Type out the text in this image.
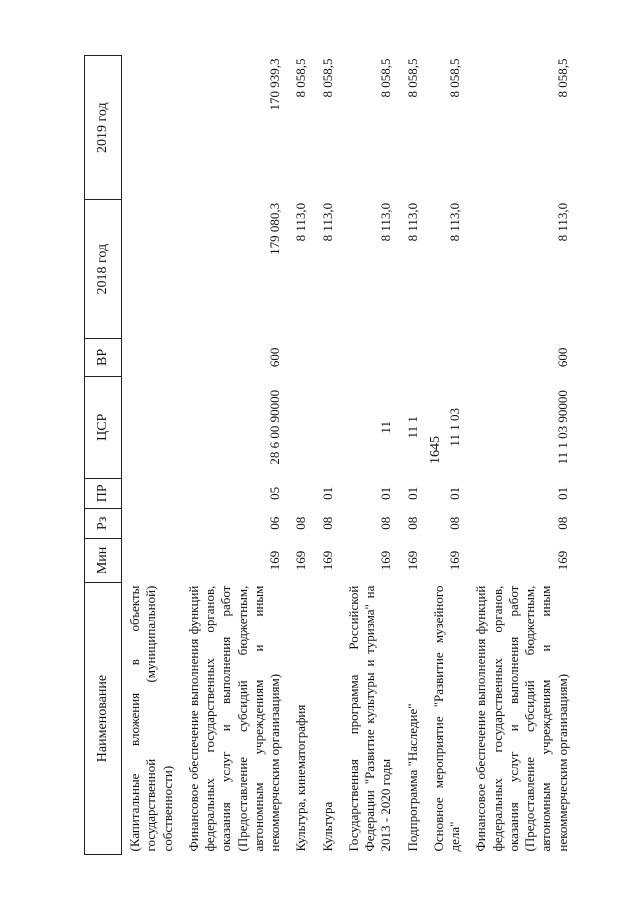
1645
Наименование	Мин	Рз	ПР	ЦСР	ВР	2018 год	2019 год
(Капитальные вложения в объекты государственной (муниципальной) собственности)							
Финансовое обеспечение выполнения функций федеральных государственных органов, оказания услуг и выполнения работ (Предоставление субсидий бюджетным, автономным учреждениям и иным некоммерческим организациям)	169	06	05	28 6 00 90000	600	179 080,3	170 939,3
Культура, кинематография	169	08				8 113,0	8 058,5
Культура	169	08	01			8 113,0	8 058,5
Государственная программа Российской Федерации "Развитие культуры и туризма" на 2013 - 2020 годы	169	08	01	11		8 113,0	8 058,5
Подпрограмма "Наследие"	169	08	01	11 1		8 113,0	8 058,5
Основное мероприятие "Развитие музейного дела"	169	08	01	11 1 03		8 113,0	8 058,5
Финансовое обеспечение выполнения функций федеральных государственных органов, оказания услуг и выполнения работ (Предоставление субсидий бюджетным, автономным учреждениям и иным некоммерческим организациям)	169	08	01	11 1 03 90000	600	8 113,0	8 058,5
